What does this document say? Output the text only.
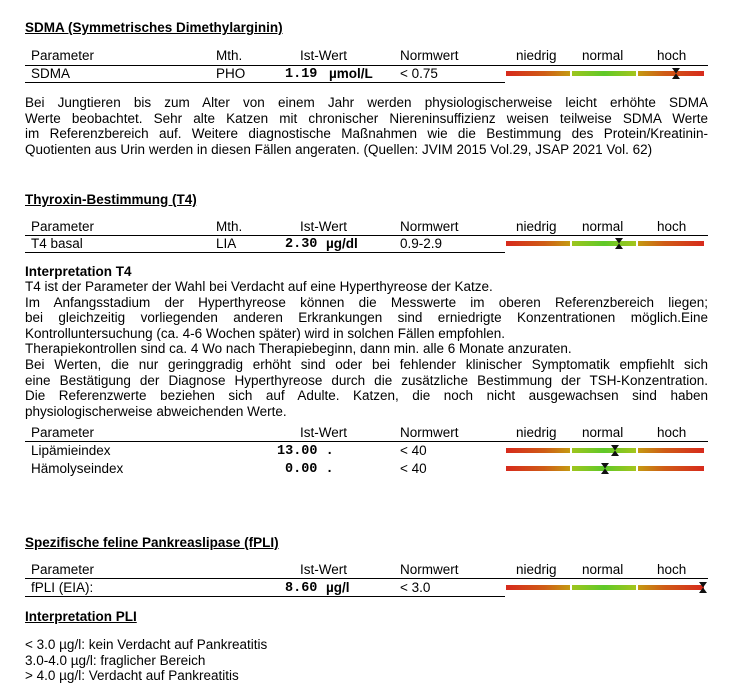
SDMA (Symmetrisches Dimethylarginin)
Parameter	Mth.	Ist-Wert	Normwert	niedrig normal hoch
SDMA	PHO	1.19 µmol/L < 0.75
Bei Jungtieren bis zum Alter von einem Jahr werden physiologischerweise leicht erhöhte SDMA
Werte beobachtet. Sehr alte Katzen mit chronischer Niereninsuffizienz weisen teilweise SDMA Werte
im Referenzbereich auf. Weitere diagnostische Maßnahmen wie die Bestimmung des Protein/Kreatinin-
Quotienten aus Urin werden in diesen Fällen angeraten. (Quellen: JVIM 2015 Vol.29, JSAP 2021 Vol. 62)
Thyroxin-Bestimmung (T4)
Parameter	Mth.	Ist-Wert	Normwert	niedrig normal hoch
T4 basal	LIA	2.30 µg/dl	0.9-2.9
Interpretation T4
T4 ist der Parameter der Wahl bei Verdacht auf eine Hyperthyreose der Katze.
Im Anfangsstadium der Hyperthyreose können die Messwerte im oberen Referenzbereich liegen;
bei gleichzeitig vorliegenden anderen Erkrankungen sind erniedrigte Konzentrationen möglich.Eine
Kontrolluntersuchung (ca. 4-6 Wochen später) wird in solchen Fällen empfohlen.
Therapiekontrollen sind ca. 4 Wo nach Therapiebeginn, dann min. alle 6 Monate anzuraten.
Bei Werten, die nur geringgradig erhöht sind oder bei fehlender klinischer Symptomatik empfiehlt sich
eine Bestätigung der Diagnose Hyperthyreose durch die zusätzliche Bestimmung der TSH-Konzentration.
Die Referenzwerte beziehen sich auf Adulte. Katzen, die noch nicht ausgewachsen sind haben
physiologischerweise abweichenden Werte.
Parameter	Ist-Wert	Normwert	niedrig normal hoch
Lipämieindex	13.00 .	< 40
Hämolyseindex	0.00 .	< 40
Spezifische feline Pankreaslipase (fPLI)
Parameter	Ist-Wert	Normwert	niedrig normal hoch
fPLI (EIA):	8.60 µg/l	< 3.0
Interpretation PLI
< 3.0 µg/l: kein Verdacht auf Pankreatitis
3.0-4.0 µg/l: fraglicher Bereich
> 4.0 µg/l: Verdacht auf Pankreatitis
